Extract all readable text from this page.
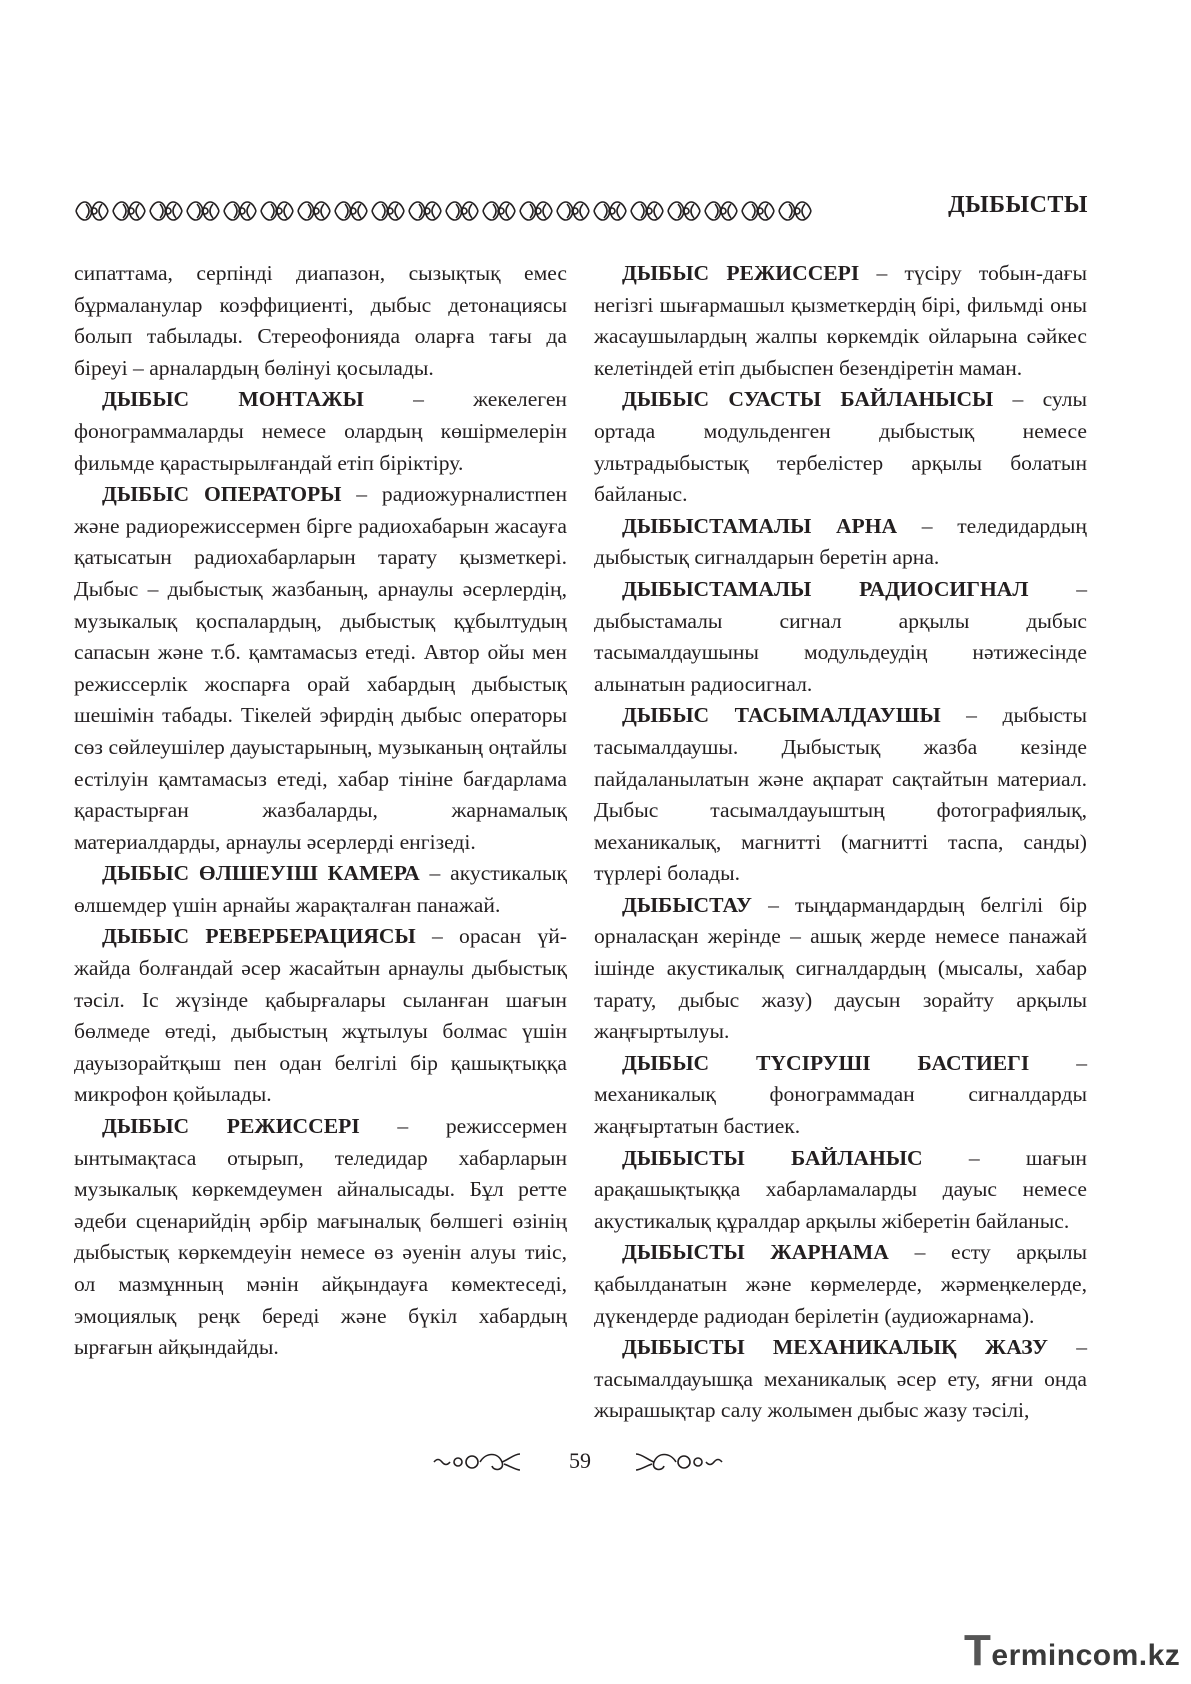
ДЫБЫСТЫ

сипаттама, серпінді диапазон, сызықтық емес бұрмаланулар коэффициенті, дыбыс детонациясы болып табылады. Стереофонияда оларға тағы да біреуі – арналардың бөлінуі қосылады.

ДЫБЫС МОНТАЖЫ – жекелеген фонограммаларды немесе олардың көшірмелерін фильмде қарастырылғандай етіп біріктіру.

ДЫБЫС ОПЕРАТОРЫ – радиожурналистпен және радиорежиссермен бірге радиохабарын жасауға қатысатын радиохабарларын тарату қызметкері. Дыбыс – дыбыстық жазбаның, арнаулы әсерлердің, музыкалық қоспалардың, дыбыстық құбылтудың сапасын және т.б. қамтамасыз етеді. Автор ойы мен режиссерлік жоспарға орай хабардың дыбыстық шешімін табады. Тікелей эфирдің дыбыс операторы сөз сөйлеушілер дауыстарының, музыканың оңтайлы естілуін қамтамасыз етеді, хабар тініне бағдарлама қарастырған жазбаларды, жарнамалық материалдарды, арнаулы әсерлерді енгізеді.

ДЫБЫС ӨЛШЕУІШ КАМЕРА – акустикалық өлшемдер үшін арнайы жарақталған панажай.

ДЫБЫС РЕВЕРБЕРАЦИЯСЫ – орасан үй-жайда болғандай әсер жасайтын арнаулы дыбыстық тәсіл. Іс жүзінде қабырғалары сыланған шағын бөлмеде өтеді, дыбыстың жұтылуы болмас үшін дауызорайтқыш пен одан белгілі бір қашықтыққа микрофон қойылады.

ДЫБЫС РЕЖИССЕРІ – режиссермен ынтымақтаса отырып, теледидар хабарларын музыкалық көркемдеумен айналысады. Бұл ретте әдеби сценарийдің әрбір мағыналық бөлшегі өзінің дыбыстық көркемдеуін немесе өз әуенін алуы тиіс, ол мазмұнның мәнін айқындауға көмектеседі, эмоциялық реңк береді және бүкіл хабардың ырғағын айқындайды.

ДЫБЫС РЕЖИССЕРІ – түсіру тобын-дағы негізгі шығармашыл қызметкердің бірі, фильмді оны жасаушылардың жалпы көркемдік ойларына сәйкес келетіндей етіп дыбыспен безендіретін маман.

ДЫБЫС СУАСТЫ БАЙЛАНЫСЫ – сулы ортада модульденген дыбыстық немесе ультрадыбыстық тербелістер арқылы болатын байланыс.

ДЫБЫСТАМАЛЫ АРНА – теледидардың дыбыстық сигналдарын беретін арна.

ДЫБЫСТАМАЛЫ РАДИОСИГНАЛ – дыбыстамалы сигнал арқылы дыбыс тасымалдаушыны модульдеудің нәтижесінде алынатын радиосигнал.

ДЫБЫС ТАСЫМАЛДАУШЫ – дыбысты тасымалдаушы. Дыбыстық жазба кезінде пайдаланылатын және ақпарат сақтайтын материал. Дыбыс тасымалдауыштың фотографиялық, механикалық, магнитті (магнитті таспа, санды) түрлері болады.

ДЫБЫСТАУ – тыңдармандардың белгілі бір орналасқан жерінде – ашық жерде немесе панажай ішінде акустикалық сигналдардың (мысалы, хабар тарату, дыбыс жазу) даусын зорайту арқылы жаңғыртылуы.

ДЫБЫС ТҮСІРУШІ БАСТИЕГІ – механикалық фонограммадан сигналдарды жаңғыртатын бастиек.

ДЫБЫСТЫ БАЙЛАНЫС – шағын арақашықтыққа хабарламаларды дауыс немесе акустикалық құралдар арқылы жіберетін байланыс.

ДЫБЫСТЫ ЖАРНАМА – есту арқылы қабылданатын және көрмелерде, жәрмеңкелерде, дүкендерде радиодан берілетін (аудиожарнама).

ДЫБЫСТЫ МЕХАНИКАЛЫҚ ЖАЗУ – тасымалдауышқа механикалық әсер ету, яғни онда жырашықтар салу жолымен дыбыс жазу тәсілі,

59
Termincom.kz
